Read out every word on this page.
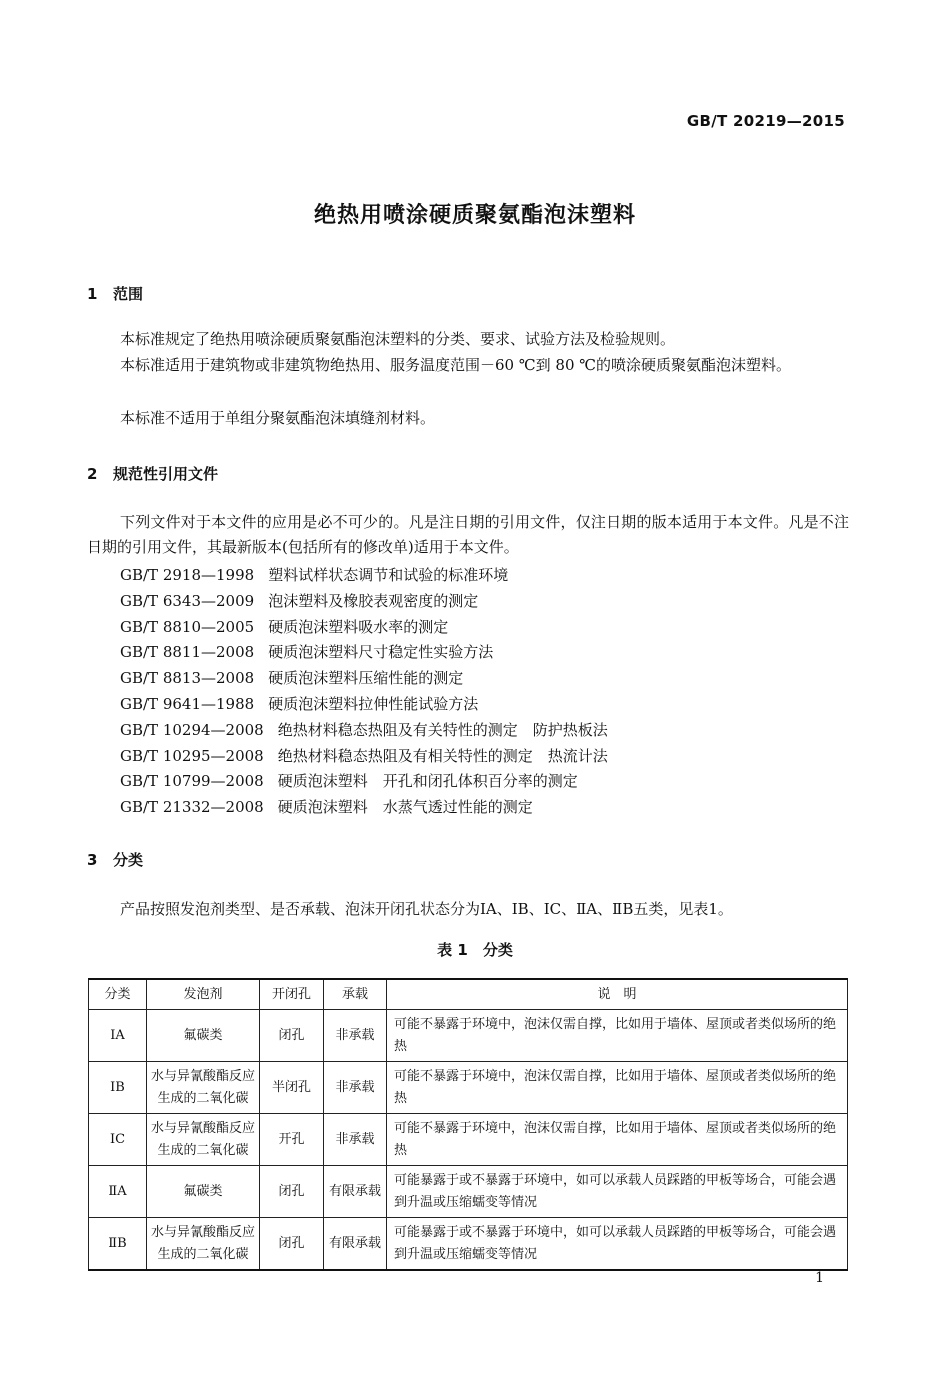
GB/T 20219—2015
绝热用喷涂硬质聚氨酯泡沫塑料
1 范围
本标准规定了绝热用喷涂硬质聚氨酯泡沫塑料的分类、要求、试验方法及检验规则。
本标准适用于建筑物或非建筑物绝热用、服务温度范围－60 ℃到 80 ℃的喷涂硬质聚氨酯泡沫塑料。
本标准不适用于单组分聚氨酯泡沫填缝剂材料。
2 规范性引用文件
下列文件对于本文件的应用是必不可少的。凡是注日期的引用文件，仅注日期的版本适用于本文件。凡是不注日期的引用文件，其最新版本(包括所有的修改单)适用于本文件。
GB/T 2918—1998 塑料试样状态调节和试验的标准环境
GB/T 6343—2009 泡沫塑料及橡胶表观密度的测定
GB/T 8810—2005 硬质泡沫塑料吸水率的测定
GB/T 8811—2008 硬质泡沫塑料尺寸稳定性实验方法
GB/T 8813—2008 硬质泡沫塑料压缩性能的测定
GB/T 9641—1988 硬质泡沫塑料拉伸性能试验方法
GB/T 10294—2008 绝热材料稳态热阻及有关特性的测定　防护热板法
GB/T 10295—2008 绝热材料稳态热阻及有相关特性的测定　热流计法
GB/T 10799—2008 硬质泡沫塑料　开孔和闭孔体积百分率的测定
GB/T 21332—2008 硬质泡沫塑料　水蒸气透过性能的测定
3 分类
产品按照发泡剂类型、是否承载、泡沫开闭孔状态分为ⅠA、ⅠB、ⅠC、ⅡA、ⅡB五类，见表1。
表 1　分类
分类	发泡剂	开闭孔	承载	说　明
ⅠA	氟碳类	闭孔	非承载	可能不暴露于环境中，泡沫仅需自撑，比如用于墙体、屋顶或者类似场所的绝热
ⅠB	水与异氰酸酯反应生成的二氧化碳	半闭孔	非承载	可能不暴露于环境中，泡沫仅需自撑，比如用于墙体、屋顶或者类似场所的绝热
ⅠC	水与异氰酸酯反应生成的二氧化碳	开孔	非承载	可能不暴露于环境中，泡沫仅需自撑，比如用于墙体、屋顶或者类似场所的绝热
ⅡA	氟碳类	闭孔	有限承载	可能暴露于或不暴露于环境中，如可以承载人员踩踏的甲板等场合，可能会遇到升温或压缩蠕变等情况
ⅡB	水与异氰酸酯反应生成的二氧化碳	闭孔	有限承载	可能暴露于或不暴露于环境中，如可以承载人员踩踏的甲板等场合，可能会遇到升温或压缩蠕变等情况
1
